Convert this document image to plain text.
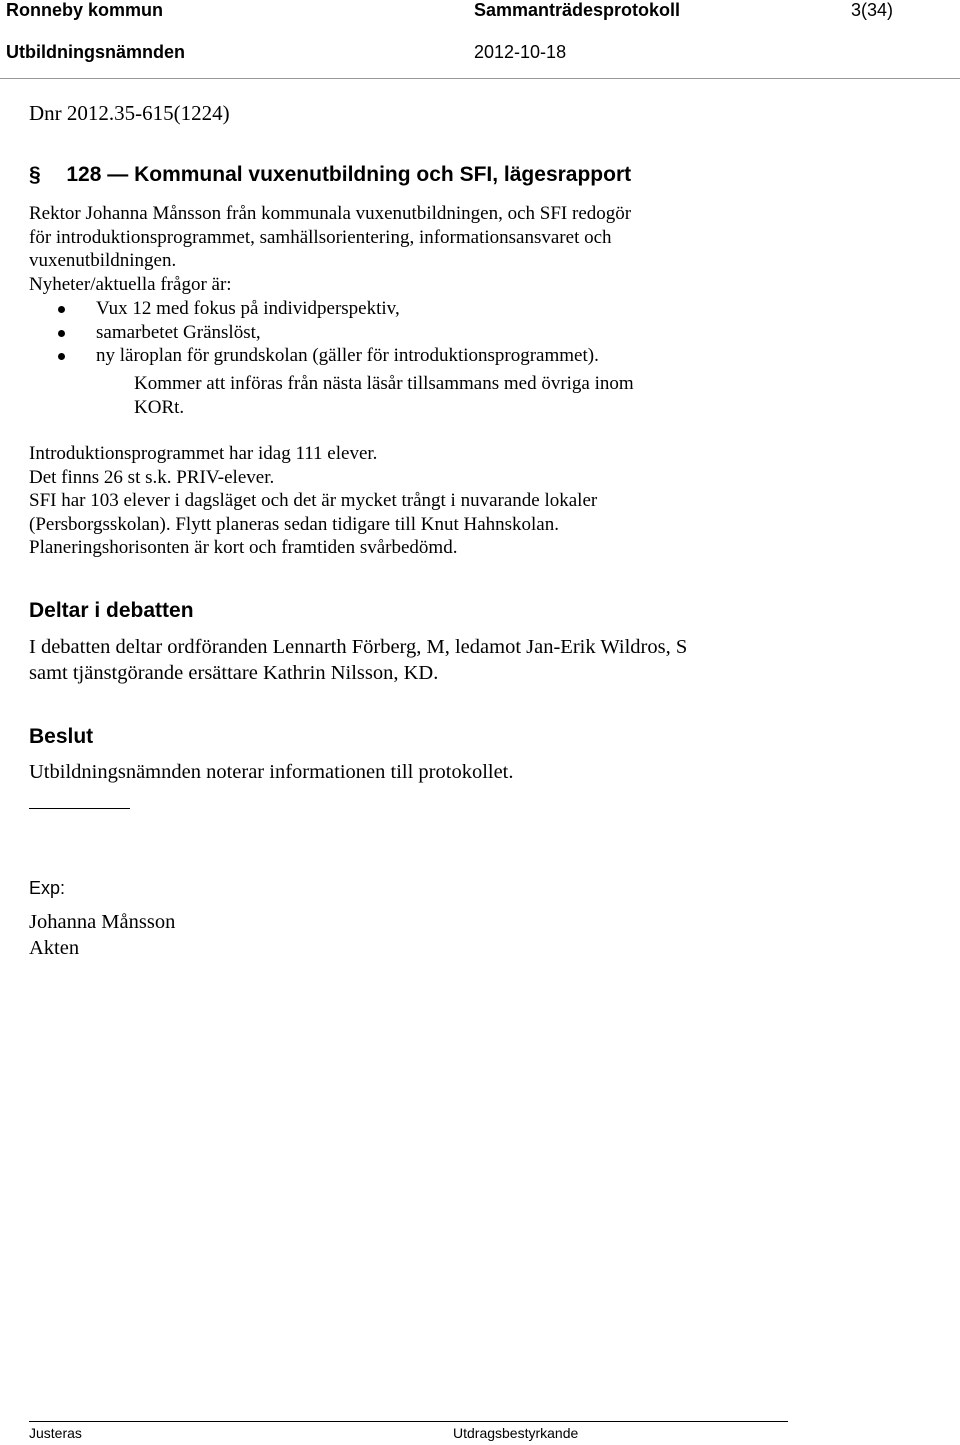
Ronneby kommun	Sammanträdesprotokoll	3(34)
Utbildningsnämnden	2012-10-18
Dnr 2012.35-615(1224)
§ 128 — Kommunal vuxenutbildning och SFI, lägesrapport

Rektor Johanna Månsson från kommunala vuxenutbildningen, och SFI redogör

för introduktionsprogrammet, samhällsorientering, informationsansvaret och

vuxenutbildningen.

Nyheter/aktuella frågor är:

Vux 12 med fokus på individperspektiv,
samarbetet Gränslöst,
ny läroplan för grundskolan (gäller för introduktionsprogrammet).

Kommer att införas från nästa läsår tillsammans med övriga inom

KORt.

Introduktionsprogrammet har idag 111 elever.

Det finns 26 st s.k. PRIV-elever.

SFI har 103 elever i dagsläget och det är mycket trångt i nuvarande lokaler

(Persborgsskolan). Flytt planeras sedan tidigare till Knut Hahnskolan.

Planeringshorisonten är kort och framtiden svårbedömd.

Deltar i debatten
I debatten deltar ordföranden Lennarth Förberg, M, ledamot Jan-Erik Wildros, S
samt tjänstgörande ersättare Kathrin Nilsson, KD.
Beslut
Utbildningsnämnden noterar informationen till protokollet.
Exp:
Johanna Månsson
Akten
Justeras	Utdragsbestyrkande
